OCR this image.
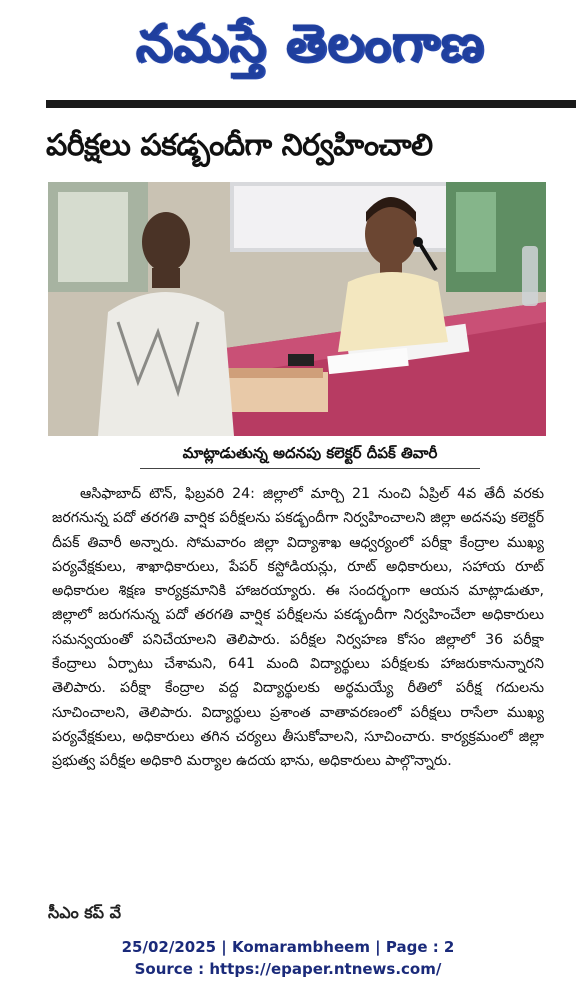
నమస్తే తెలంగాణ
పరీక్షలు పకడ్బందీగా నిర్వహించాలి
మాట్లాడుతున్న అదనపు కలెక్టర్ దీపక్ తివారీ
ఆసిఫాబాద్ టౌన్, ఫిబ్రవరి 24: జిల్లాలో మార్చి 21 నుంచి ఏప్రిల్ 4వ తేదీ వరకు జరగనున్న పదో తరగతి వార్షిక పరీక్షలను పకడ్బందీగా నిర్వహించాలని జిల్లా అదనపు కలెక్టర్ దీపక్ తివారీ అన్నారు. సోమవారం జిల్లా విద్యాశాఖ ఆధ్వర్యంలో పరీక్షా కేంద్రాల ముఖ్య పర్యవేక్షకులు, శాఖాధికారులు, పేపర్ కస్టోడియన్లు, రూట్ అధికారులు, సహాయ రూట్ అధికారుల శిక్షణ కార్యక్రమానికి హాజరయ్యారు. ఈ సందర్భంగా ఆయన మాట్లాడుతూ, జిల్లాలో జరుగనున్న పదో తరగతి వార్షిక పరీక్షలను పకడ్బందీగా నిర్వహించేలా అధికారులు సమన్వయంతో పనిచేయాలని తెలిపారు. పరీక్షల నిర్వహణ కోసం జిల్లాలో 36 పరీక్షా కేంద్రాలు ఏర్పాటు చేశామని, 641 మంది విద్యార్థులు పరీక్షలకు హాజరుకానున్నారని తెలిపారు. పరీక్షా కేంద్రాల వద్ద విద్యార్థులకు అర్థమయ్యే రీతిలో పరీక్ష గదులను సూచించాలని, తెలిపారు. విద్యార్థులు ప్రశాంత వాతావరణంలో పరీక్షలు రాసేలా ముఖ్య పర్యవేక్షకులు, అధికారులు తగిన చర్యలు తీసుకోవాలని, సూచించారు. కార్యక్రమంలో జిల్లా ప్రభుత్వ పరీక్షల అధికారి మర్యాల ఉదయ భాను, అధికారులు పాల్గొన్నారు.
సీఎం కప్ వే
25/02/2025 | Komarambheem | Page : 2
Source : https://epaper.ntnews.com/
